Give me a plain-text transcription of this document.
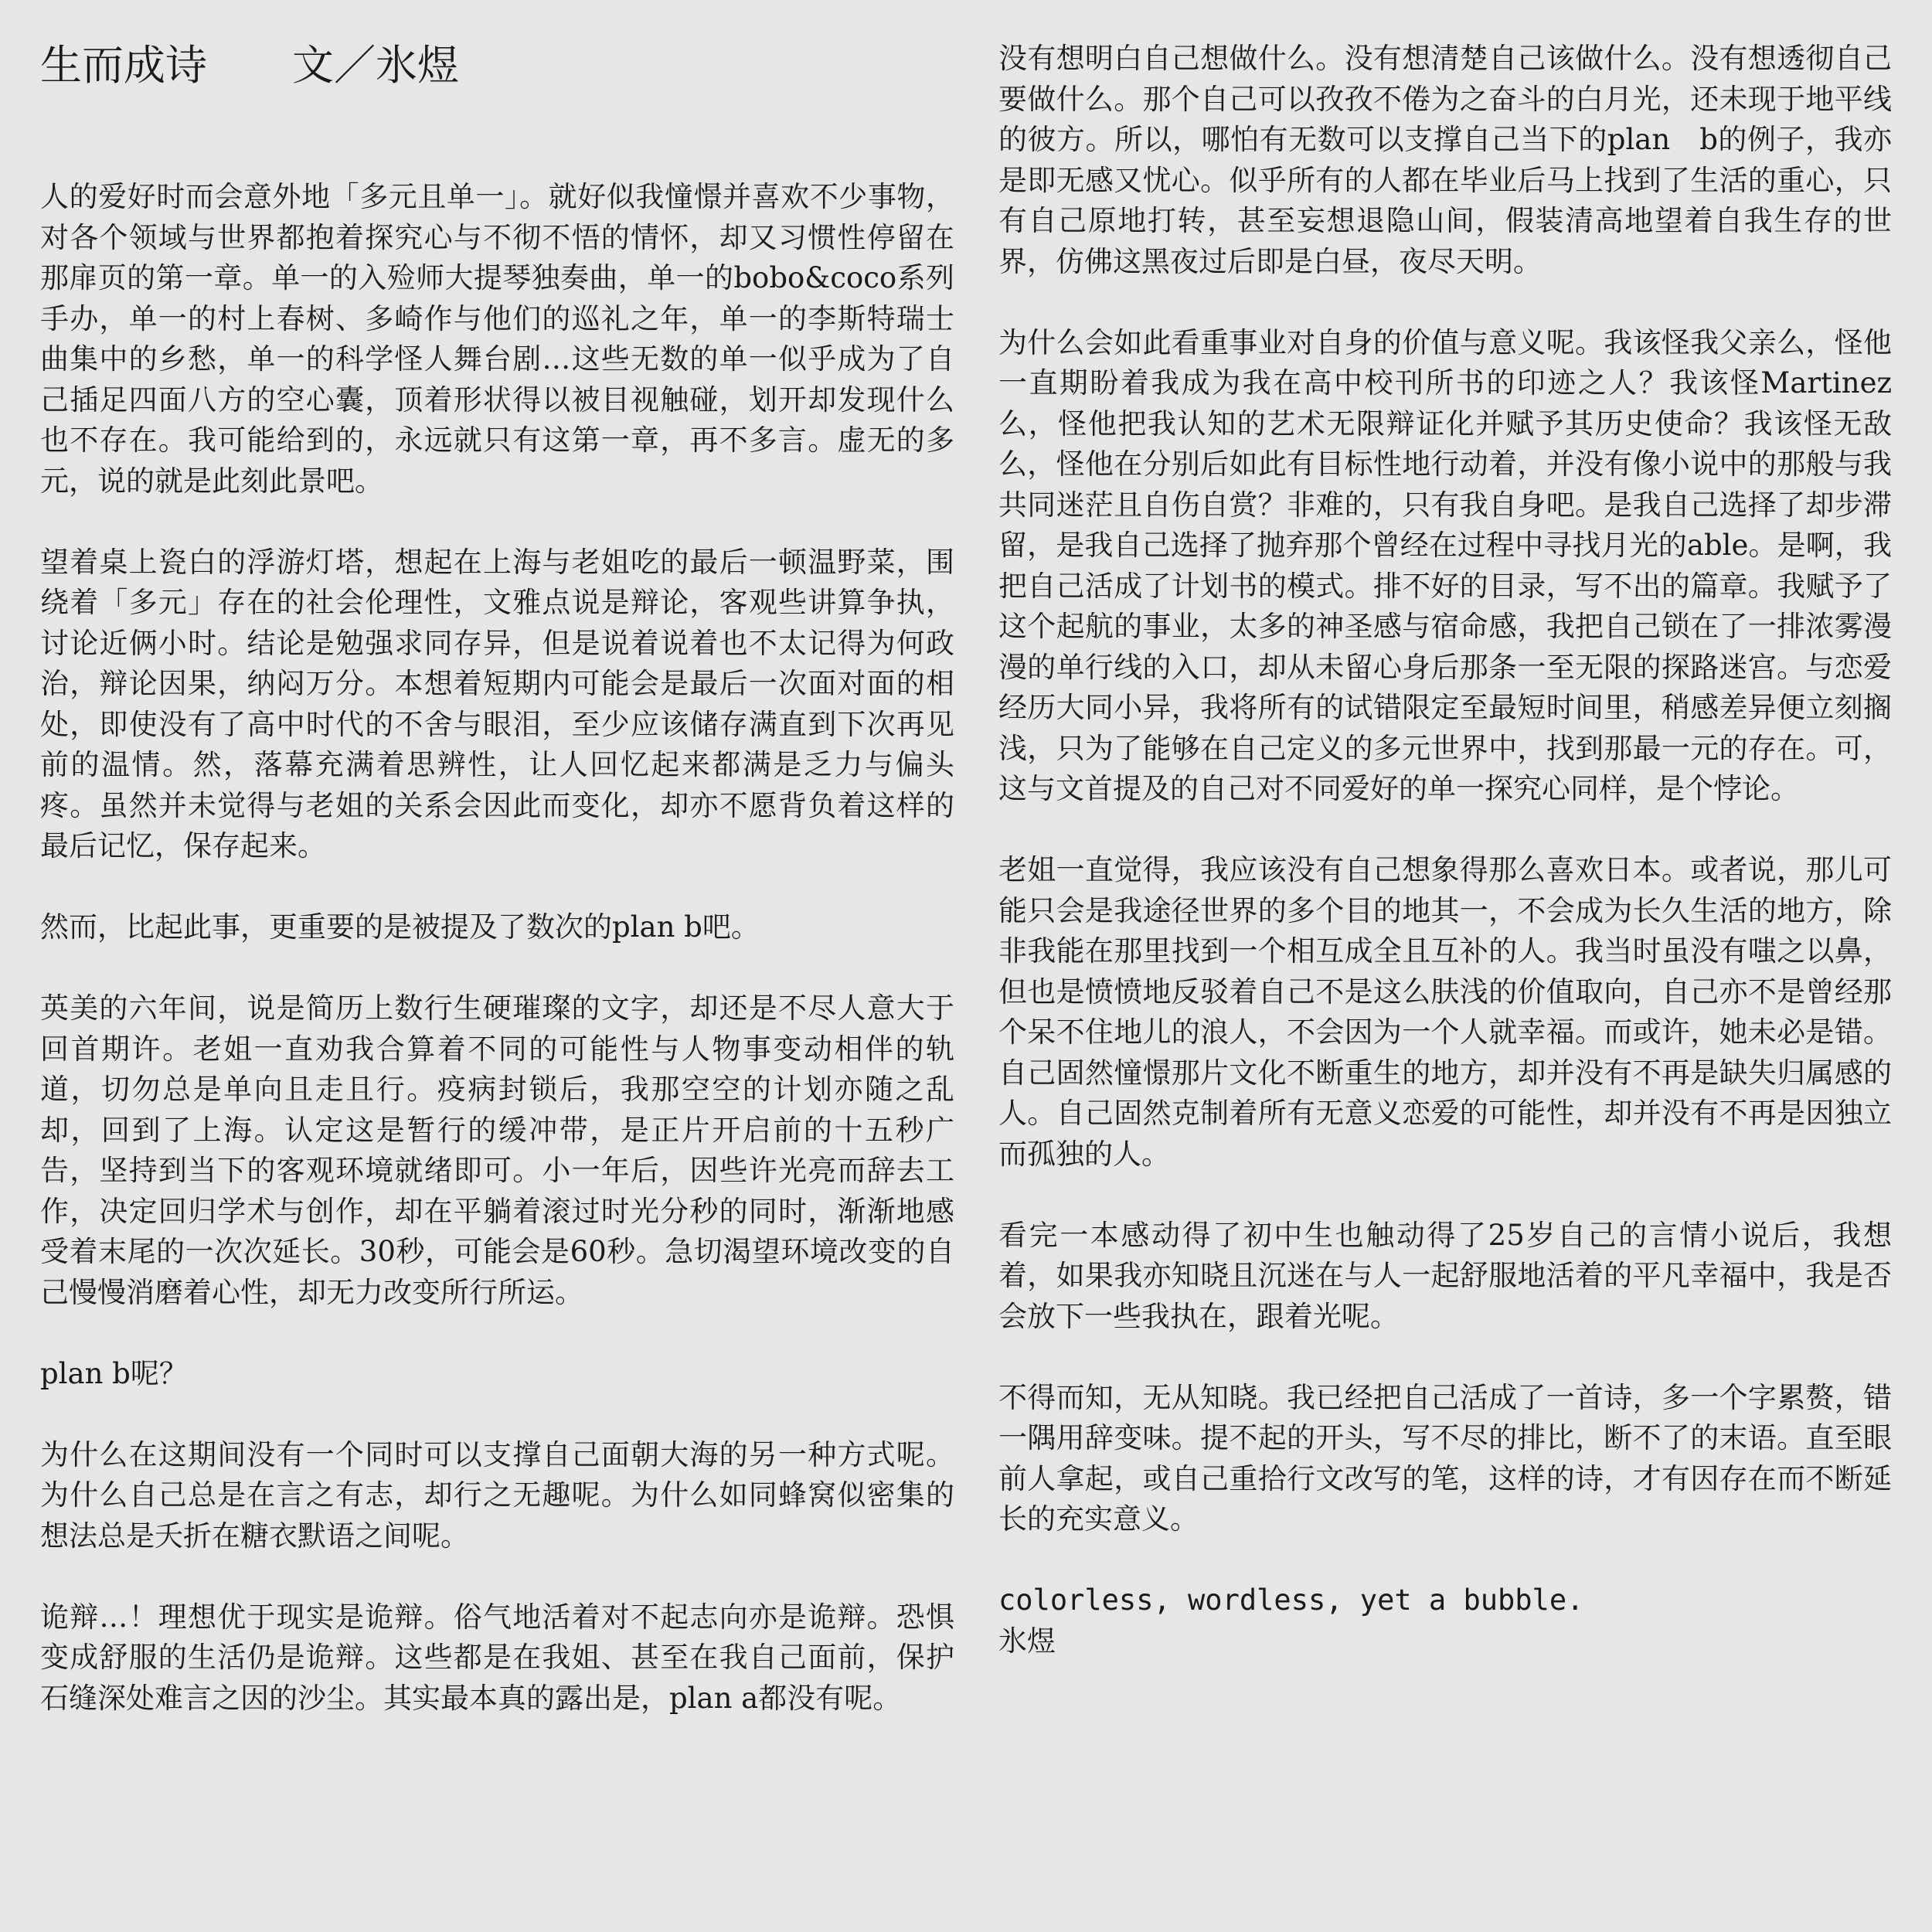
生而成诗 文／氷煜

人的爱好时而会意外地「多元且单一」。就好似我憧憬并喜欢不少事物，对各个领域与世界都抱着探究心与不彻不悟的情怀，却又习惯性停留在那扉页的第一章。单一的入殓师大提琴独奏曲，单一的bobo&coco系列手办，单一的村上春树、多崎作与他们的巡礼之年，单一的李斯特瑞士曲集中的乡愁，单一的科学怪人舞台剧…这些无数的单一似乎成为了自己插足四面八方的空心囊，顶着形状得以被目视触碰，划开却发现什么也不存在。我可能给到的，永远就只有这第一章，再不多言。虚无的多元，说的就是此刻此景吧。

望着桌上瓷白的浮游灯塔，想起在上海与老姐吃的最后一顿温野菜，围绕着「多元」存在的社会伦理性，文雅点说是辩论，客观些讲算争执，讨论近俩小时。结论是勉强求同存异，但是说着说着也不太记得为何政治，辩论因果，纳闷万分。本想着短期内可能会是最后一次面对面的相处，即使没有了高中时代的不舍与眼泪，至少应该储存满直到下次再见前的温情。然，落幕充满着思辨性，让人回忆起来都满是乏力与偏头疼。虽然并未觉得与老姐的关系会因此而变化，却亦不愿背负着这样的最后记忆，保存起来。

然而，比起此事，更重要的是被提及了数次的plan b吧。

英美的六年间，说是简历上数行生硬璀璨的文字，却还是不尽人意大于回首期许。老姐一直劝我合算着不同的可能性与人物事变动相伴的轨道，切勿总是单向且走且行。疫病封锁后，我那空空的计划亦随之乱却，回到了上海。认定这是暂行的缓冲带，是正片开启前的十五秒广告，坚持到当下的客观环境就绪即可。小一年后，因些许光亮而辞去工作，决定回归学术与创作，却在平躺着滚过时光分秒的同时，渐渐地感受着末尾的一次次延长。30秒，可能会是60秒。急切渴望环境改变的自己慢慢消磨着心性，却无力改变所行所运。

plan b呢？

为什么在这期间没有一个同时可以支撑自己面朝大海的另一种方式呢。为什么自己总是在言之有志，却行之无趣呢。为什么如同蜂窝似密集的想法总是夭折在糖衣默语之间呢。

诡辩…！理想优于现实是诡辩。俗气地活着对不起志向亦是诡辩。恐惧变成舒服的生活仍是诡辩。这些都是在我姐、甚至在我自己面前，保护石缝深处难言之因的沙尘。其实最本真的露出是，plan a都没有呢。

没有想明白自己想做什么。没有想清楚自己该做什么。没有想透彻自己要做什么。那个自己可以孜孜不倦为之奋斗的白月光，还未现于地平线的彼方。所以，哪怕有无数可以支撑自己当下的plan　b的例子，我亦是即无感又忧心。似乎所有的人都在毕业后马上找到了生活的重心，只有自己原地打转，甚至妄想退隐山间，假装清高地望着自我生存的世界，仿佛这黑夜过后即是白昼，夜尽天明。

为什么会如此看重事业对自身的价值与意义呢。我该怪我父亲么，怪他一直期盼着我成为我在高中校刊所书的印迹之人？我该怪Martinez么，怪他把我认知的艺术无限辩证化并赋予其历史使命？我该怪无敌么，怪他在分别后如此有目标性地行动着，并没有像小说中的那般与我共同迷茫且自伤自赏？非难的，只有我自身吧。是我自己选择了却步滞留，是我自己选择了抛弃那个曾经在过程中寻找月光的able。是啊，我把自己活成了计划书的模式。排不好的目录，写不出的篇章。我赋予了这个起航的事业，太多的神圣感与宿命感，我把自己锁在了一排浓雾漫漫的单行线的入口，却从未留心身后那条一至无限的探路迷宫。与恋爱经历大同小异，我将所有的试错限定至最短时间里，稍感差异便立刻搁浅，只为了能够在自己定义的多元世界中，找到那最一元的存在。可，这与文首提及的自己对不同爱好的单一探究心同样，是个悖论。

老姐一直觉得，我应该没有自己想象得那么喜欢日本。或者说，那儿可能只会是我途径世界的多个目的地其一，不会成为长久生活的地方，除非我能在那里找到一个相互成全且互补的人。我当时虽没有嗤之以鼻，但也是愤愤地反驳着自己不是这么肤浅的价值取向，自己亦不是曾经那个呆不住地儿的浪人，不会因为一个人就幸福。而或许，她未必是错。自己固然憧憬那片文化不断重生的地方，却并没有不再是缺失归属感的人。自己固然克制着所有无意义恋爱的可能性，却并没有不再是因独立而孤独的人。

看完一本感动得了初中生也触动得了25岁自己的言情小说后，我想着，如果我亦知晓且沉迷在与人一起舒服地活着的平凡幸福中，我是否会放下一些我执在，跟着光呢。

不得而知，无从知晓。我已经把自己活成了一首诗，多一个字累赘，错一隅用辞变味。提不起的开头，写不尽的排比，断不了的末语。直至眼前人拿起，或自己重拾行文改写的笔，这样的诗，才有因存在而不断延长的充实意义。

colorless, wordless, yet a bubble.

氷煜
